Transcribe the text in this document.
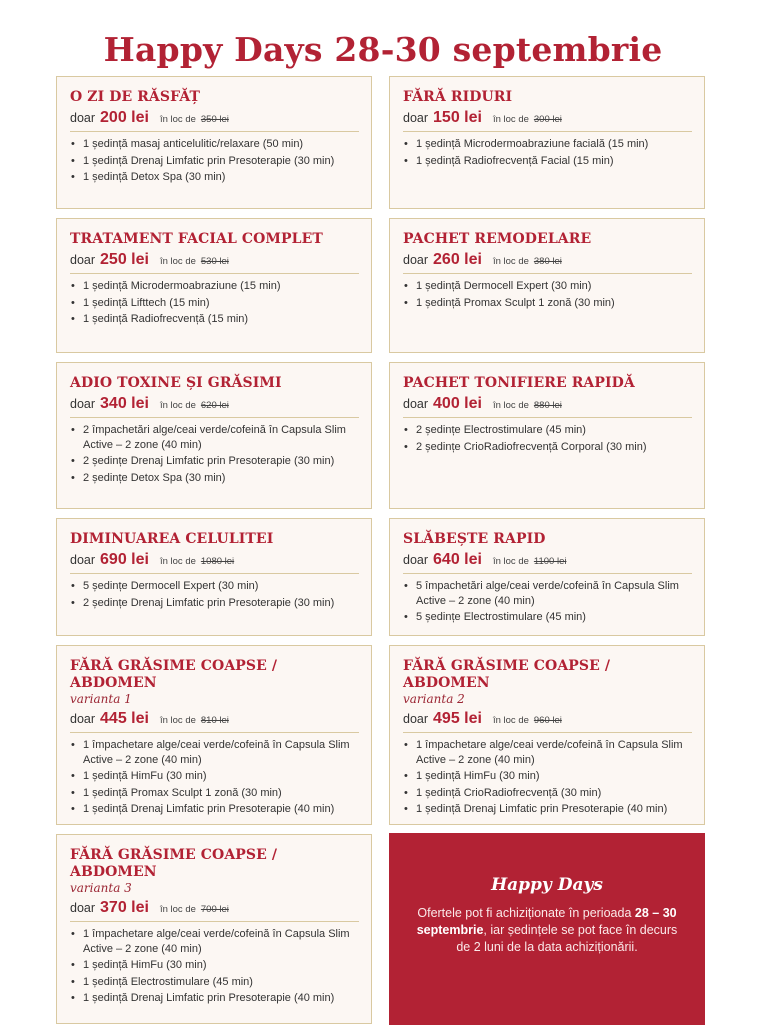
Happy Days 28-30 septembrie
O ZI DE RĂSFĂȚ
doar 200 lei în loc de 350 lei
• 1 ședință masaj anticelulitic/relaxare (50 min)
• 1 ședință Drenaj Limfatic prin Presoterapie (30 min)
• 1 ședință Detox Spa (30 min)
FĂRĂ RIDURI
doar 150 lei în loc de 300 lei
• 1 ședință Microdermoabraziune facială (15 min)
• 1 ședință Radiofrecvență Facial (15 min)
TRATAMENT FACIAL COMPLET
doar 250 lei în loc de 530 lei
• 1 ședință Microdermoabraziune (15 min)
• 1 ședință Lifttech (15 min)
• 1 ședință Radiofrecvență (15 min)
PACHET REMODELARE
doar 260 lei în loc de 380 lei
• 1 ședință Dermocell Expert (30 min)
• 1 ședință Promax Sculpt 1 zonă (30 min)
ADIO TOXINE ȘI GRĂSIMI
doar 340 lei în loc de 620 lei
• 2 împachetări alge/ceai verde/cofeină în Capsula Slim Active – 2 zone (40 min)
• 2 ședințe Drenaj Limfatic prin Presoterapie (30 min)
• 2 ședințe Detox Spa (30 min)
PACHET TONIFIERE RAPIDĂ
doar 400 lei în loc de 880 lei
• 2 ședințe Electrostimulare (45 min)
• 2 ședințe CrioRadiofrecvență Corporal (30 min)
DIMINUAREA CELULITEI
doar 690 lei în loc de 1080 lei
• 5 ședințe Dermocell Expert (30 min)
• 2 ședințe Drenaj Limfatic prin Presoterapie (30 min)
SLĂBEȘTE RAPID
doar 640 lei în loc de 1100 lei
• 5 împachetări alge/ceai verde/cofeină în Capsula Slim Active – 2 zone (40 min)
• 5 ședințe Electrostimulare (45 min)
FĂRĂ GRĂSIME COAPSE / ABDOMEN
varianta 1
doar 445 lei în loc de 810 lei
• 1 împachetare alge/ceai verde/cofeină în Capsula Slim Active – 2 zone (40 min)
• 1 ședință HimFu (30 min)
• 1 ședință Promax Sculpt 1 zonă (30 min)
• 1 ședință Drenaj Limfatic prin Presoterapie (40 min)
FĂRĂ GRĂSIME COAPSE / ABDOMEN
varianta 2
doar 495 lei în loc de 960 lei
• 1 împachetare alge/ceai verde/cofeină în Capsula Slim Active – 2 zone (40 min)
• 1 ședință HimFu (30 min)
• 1 ședință CrioRadiofrecvență (30 min)
• 1 ședință Drenaj Limfatic prin Presoterapie (40 min)
FĂRĂ GRĂSIME COAPSE / ABDOMEN
varianta 3
doar 370 lei în loc de 700 lei
• 1 împachetare alge/ceai verde/cofeină în Capsula Slim Active – 2 zone (40 min)
• 1 ședință HimFu (30 min)
• 1 ședință Electrostimulare (45 min)
• 1 ședință Drenaj Limfatic prin Presoterapie (40 min)
Happy Days
Ofertele pot fi achiziționate în perioada 28 – 30 septembrie, iar ședințele se pot face în decurs de 2 luni de la data achiziționării.
